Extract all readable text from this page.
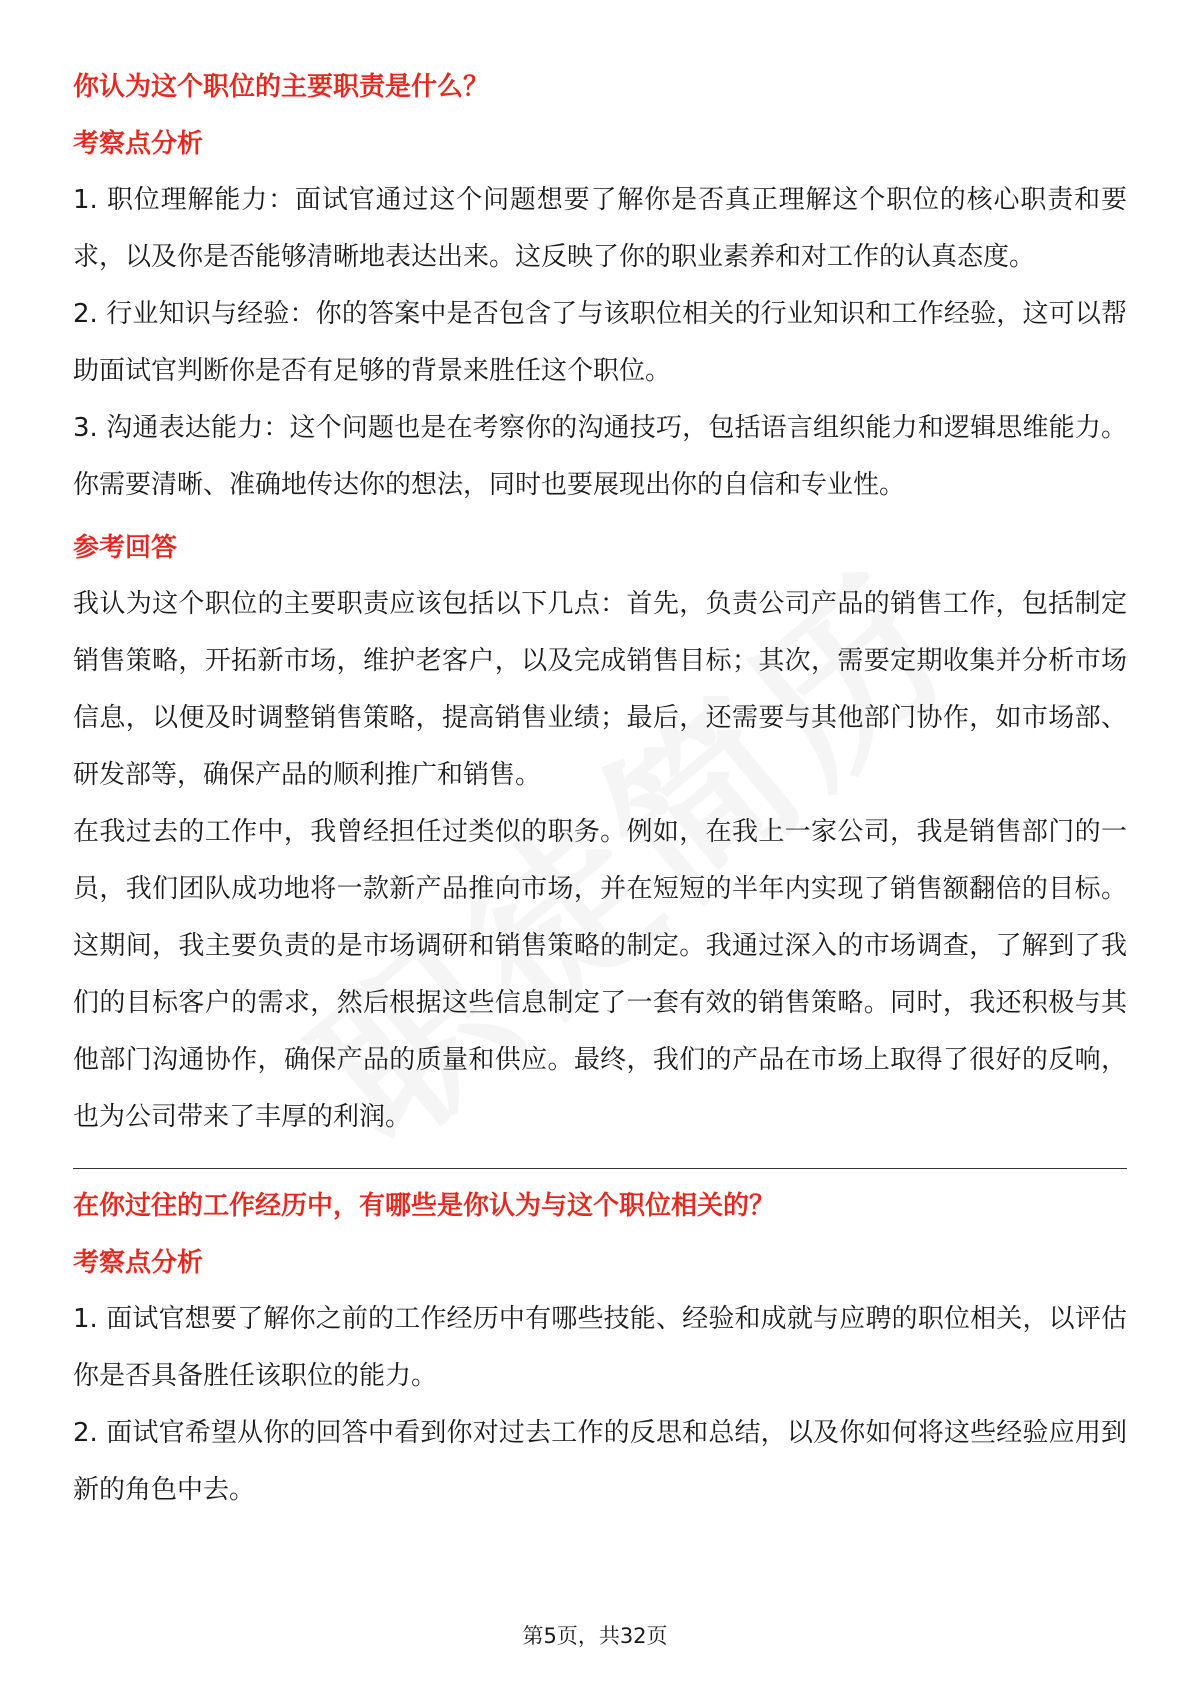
你认为这个职位的主要职责是什么？
考察点分析

1. 职位理解能力：面试官通过这个问题想要了解你是否真正理解这个职位的核心职责和要求，以及你是否能够清晰地表达出来。这反映了你的职业素养和对工作的认真态度。

2. 行业知识与经验：你的答案中是否包含了与该职位相关的行业知识和工作经验，这可以帮助面试官判断你是否有足够的背景来胜任这个职位。

3. 沟通表达能力：这个问题也是在考察你的沟通技巧，包括语言组织能力和逻辑思维能力。你需要清晰、准确地传达你的想法，同时也要展现出你的自信和专业性。

参考回答

我认为这个职位的主要职责应该包括以下几点：首先，负责公司产品的销售工作，包括制定销售策略，开拓新市场，维护老客户，以及完成销售目标；其次，需要定期收集并分析市场信息，以便及时调整销售策略，提高销售业绩；最后，还需要与其他部门协作，如市场部、研发部等，确保产品的顺利推广和销售。

在我过去的工作中，我曾经担任过类似的职务。例如，在我上一家公司，我是销售部门的一员，我们团队成功地将一款新产品推向市场，并在短短的半年内实现了销售额翻倍的目标。这期间，我主要负责的是市场调研和销售策略的制定。我通过深入的市场调查，了解到了我们的目标客户的需求，然后根据这些信息制定了一套有效的销售策略。同时，我还积极与其他部门沟通协作，确保产品的质量和供应。最终，我们的产品在市场上取得了很好的反响，也为公司带来了丰厚的利润。

在你过往的工作经历中，有哪些是你认为与这个职位相关的？
考察点分析

1. 面试官想要了解你之前的工作经历中有哪些技能、经验和成就与应聘的职位相关，以评估你是否具备胜任该职位的能力。

2. 面试官希望从你的回答中看到你对过去工作的反思和总结，以及你如何将这些经验应用到新的角色中去。

第5页，共32页
